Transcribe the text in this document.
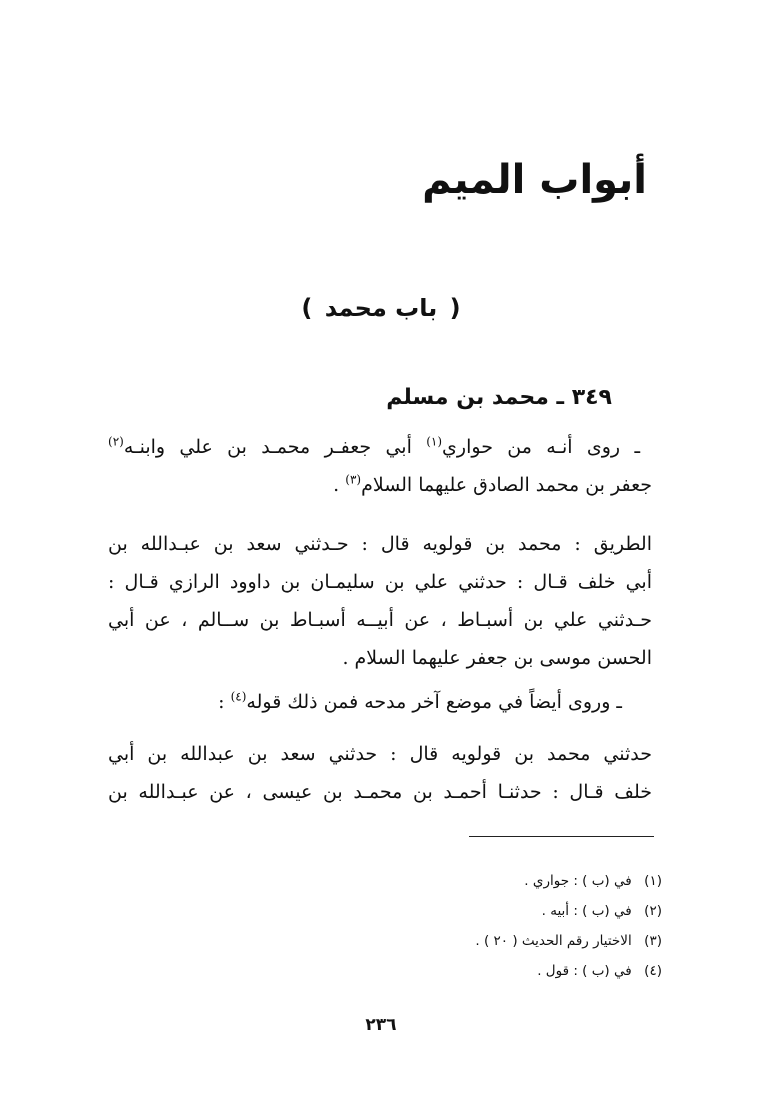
أبواب الميم
( باب محمد )
٣٤٩ ـ محمد بن مسلم
ـ روى أنـه من حواري$^{(١)}$ أبي جعفـر محمـد بن علي وابنـه$^{(٢)}$
جعفر بن محمد الصادق عليهما السلام$^{(٣)}$ .
الطريق : محمد بن قولويه قال : حـدثني سعد بن عبـدالله بن
أبي خلف قـال : حدثني علي بن سليمـان بن داوود الرازي قـال :
حـدثني علي بن أسبـاط ، عن أبيــه أسبـاط بن ســالم ، عن أبي
الحسن موسى بن جعفر عليهما السلام .
ـ وروى أيضاً في موضع آخر مدحه فمن ذلك قوله$^{(٤)}$ :
حدثني محمد بن قولويه قال : حدثني سعد بن عبدالله بن أبي
خلف قـال : حدثنـا أحمـد بن محمـد بن عيسى ، عن عبـدالله بن
(١) في (ب ) : جواري .
(٢) في (ب ) : أبيه .
(٣) الاختيار رقم الحديث ( ٢٠ ) .
(٤) في (ب ) : قول .
٢٣٦
